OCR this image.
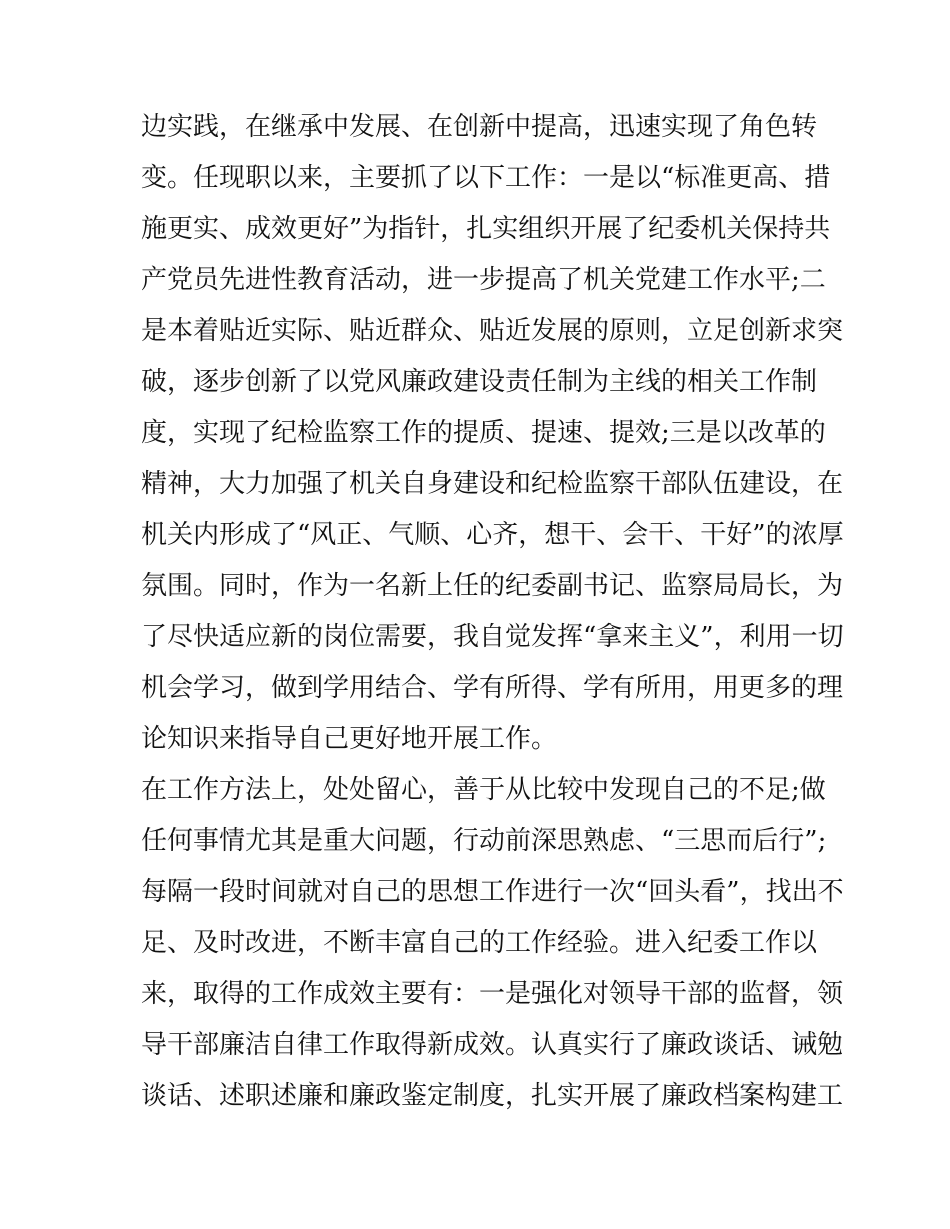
边实践，在继承中发展、在创新中提高，迅速实现了角色转
变。任现职以来，主要抓了以下工作：一是以“标准更高、措
施更实、成效更好”为指针，扎实组织开展了纪委机关保持共
产党员先进性教育活动，进一步提高了机关党建工作水平;二
是本着贴近实际、贴近群众、贴近发展的原则，立足创新求突
破，逐步创新了以党风廉政建设责任制为主线的相关工作制
度，实现了纪检监察工作的提质、提速、提效;三是以改革的
精神，大力加强了机关自身建设和纪检监察干部队伍建设，在
机关内形成了“风正、气顺、心齐，想干、会干、干好”的浓厚
氛围。同时，作为一名新上任的纪委副书记、监察局局长，为
了尽快适应新的岗位需要，我自觉发挥“拿来主义”，利用一切
机会学习，做到学用结合、学有所得、学有所用，用更多的理
论知识来指导自己更好地开展工作。
在工作方法上，处处留心，善于从比较中发现自己的不足;做
任何事情尤其是重大问题，行动前深思熟虑、“三思而后行”;
每隔一段时间就对自己的思想工作进行一次“回头看”，找出不
足、及时改进，不断丰富自己的工作经验。进入纪委工作以
来，取得的工作成效主要有：一是强化对领导干部的监督，领
导干部廉洁自律工作取得新成效。认真实行了廉政谈话、诫勉
谈话、述职述廉和廉政鉴定制度，扎实开展了廉政档案构建工
